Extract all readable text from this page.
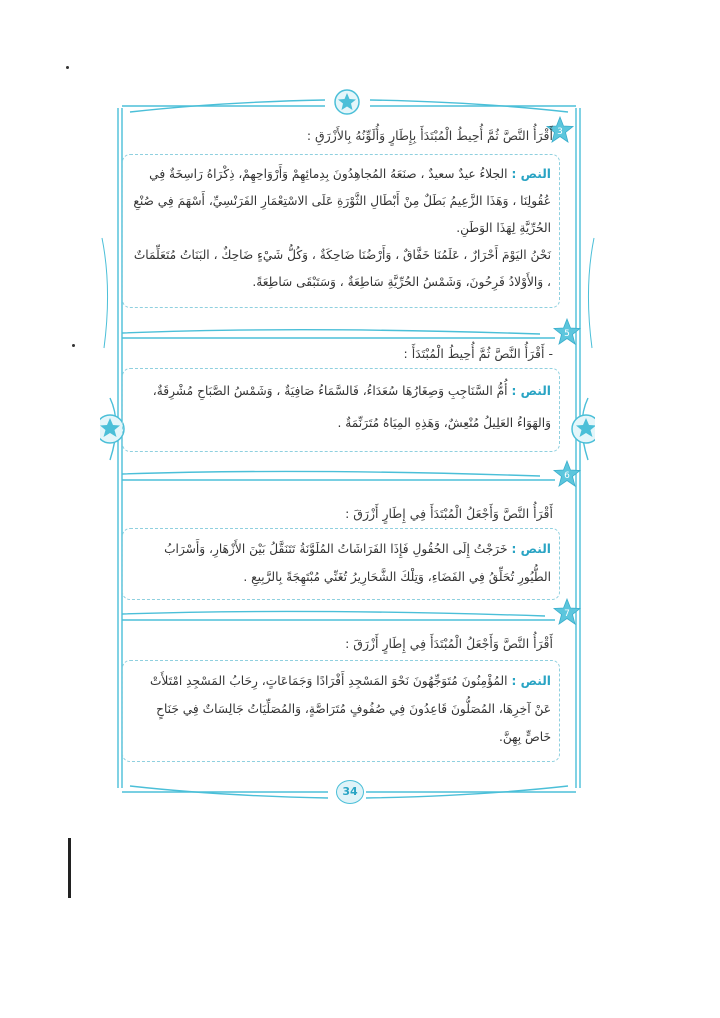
3
5
6
7
أَقْرَأُ النَّصَّ ثُمَّ أُحِيطُ الْمُبْتَدَأَ بِإِطَارٍ وَأُلَوِّنُهُ بِالأَزْرَقِ :
النص :الجلاءُ عيدٌ سعيدٌ ، صنَعَهُ المُجاهِدُونَ بِدِمائِهِمْ وَأَرْوَاحِهِمْ، ذِكْرَاهُ رَاسِخَةٌ فِي عُقُولِنَا ، وَهَذَا الزَّعِيمُ بَطَلٌ مِنْ أَبْطَالِ الثَّوْرَةِ عَلَى الاسْتِعْمَارِ الفَرَنْسِيِّ، أَسْهَمَ فِي صُنْعِ الحُرِّيَّةِ لِهَذَا الوَطَنِ.
نَحْنُ اليَوْمَ أَحْرَارٌ ، عَلَمُنَا خَفَّاقٌ ، وَأَرْضُنَا ضَاحِكَةٌ ، وَكُلُّ شَيْءٍ ضَاحِكٌ ، البَنَاتُ مُتَعَلِّمَاتٌ ، وَالأَوْلادُ فَرِحُونَ، وَشَمْسُ الحُرِّيَّةِ سَاطِعَةٌ ، وَسَتَبْقَى سَاطِعَةً.
- أَقْرَأُ النَّصَّ ثُمَّ أُحِيطُ الْمُبْتَدَأَ :
النص :أُمُّ السَّنَاجِبِ وَصِغَارُهَا سُعَدَاءُ، فَالسَّمَاءُ صَافِيَةٌ ، وَشَمْسُ الصَّبَاحِ مُشْرِقَةٌ، وَالهَوَاءُ العَلِيلُ مُنْعِشٌ، وَهَذِهِ المِيَاهُ مُتَرَنِّمَةٌ .
أَقْرَأُ النَّصَّ وَأَجْعَلُ الْمُبْتَدَأَ فِي إِطَارٍ أَزْرَقَ :
النص :خَرَجْتُ إِلَى الحُقُولِ فَإِذَا الفَرَاشَاتُ المُلَوَّنَةُ تَتَنَقَّلُ بَيْنَ الأَزْهَارِ، وَأَسْرَابُ الطُّيُورِ تُحَلِّقُ فِي الفَضَاءِ، وَتِلْكَ الشَّحَارِيرُ تُغَنِّي مُبْتَهِجَةً بِالرَّبِيعِ .
أَقْرَأُ النَّصَّ وَأَجْعَلُ الْمُبْتَدَأَ فِي إِطَارٍ أَزْرَقَ :
النص :المُؤْمِنُونَ مُتَوَجِّهُونَ نَحْوَ المَسْجِدِ أَفْرَادًا وَجَمَاعَاتٍ، رِحَابُ المَسْجِدِ امْتَلأَتْ عَنْ آخِرِهَا، المُصَلُّونَ قَاعِدُونَ فِي صُفُوفٍ مُتَرَاصَّةٍ، وَالمُصَلِّيَاتُ جَالِسَاتٌ فِي جَنَاحٍ خَاصٍّ بِهِنَّ.
34
